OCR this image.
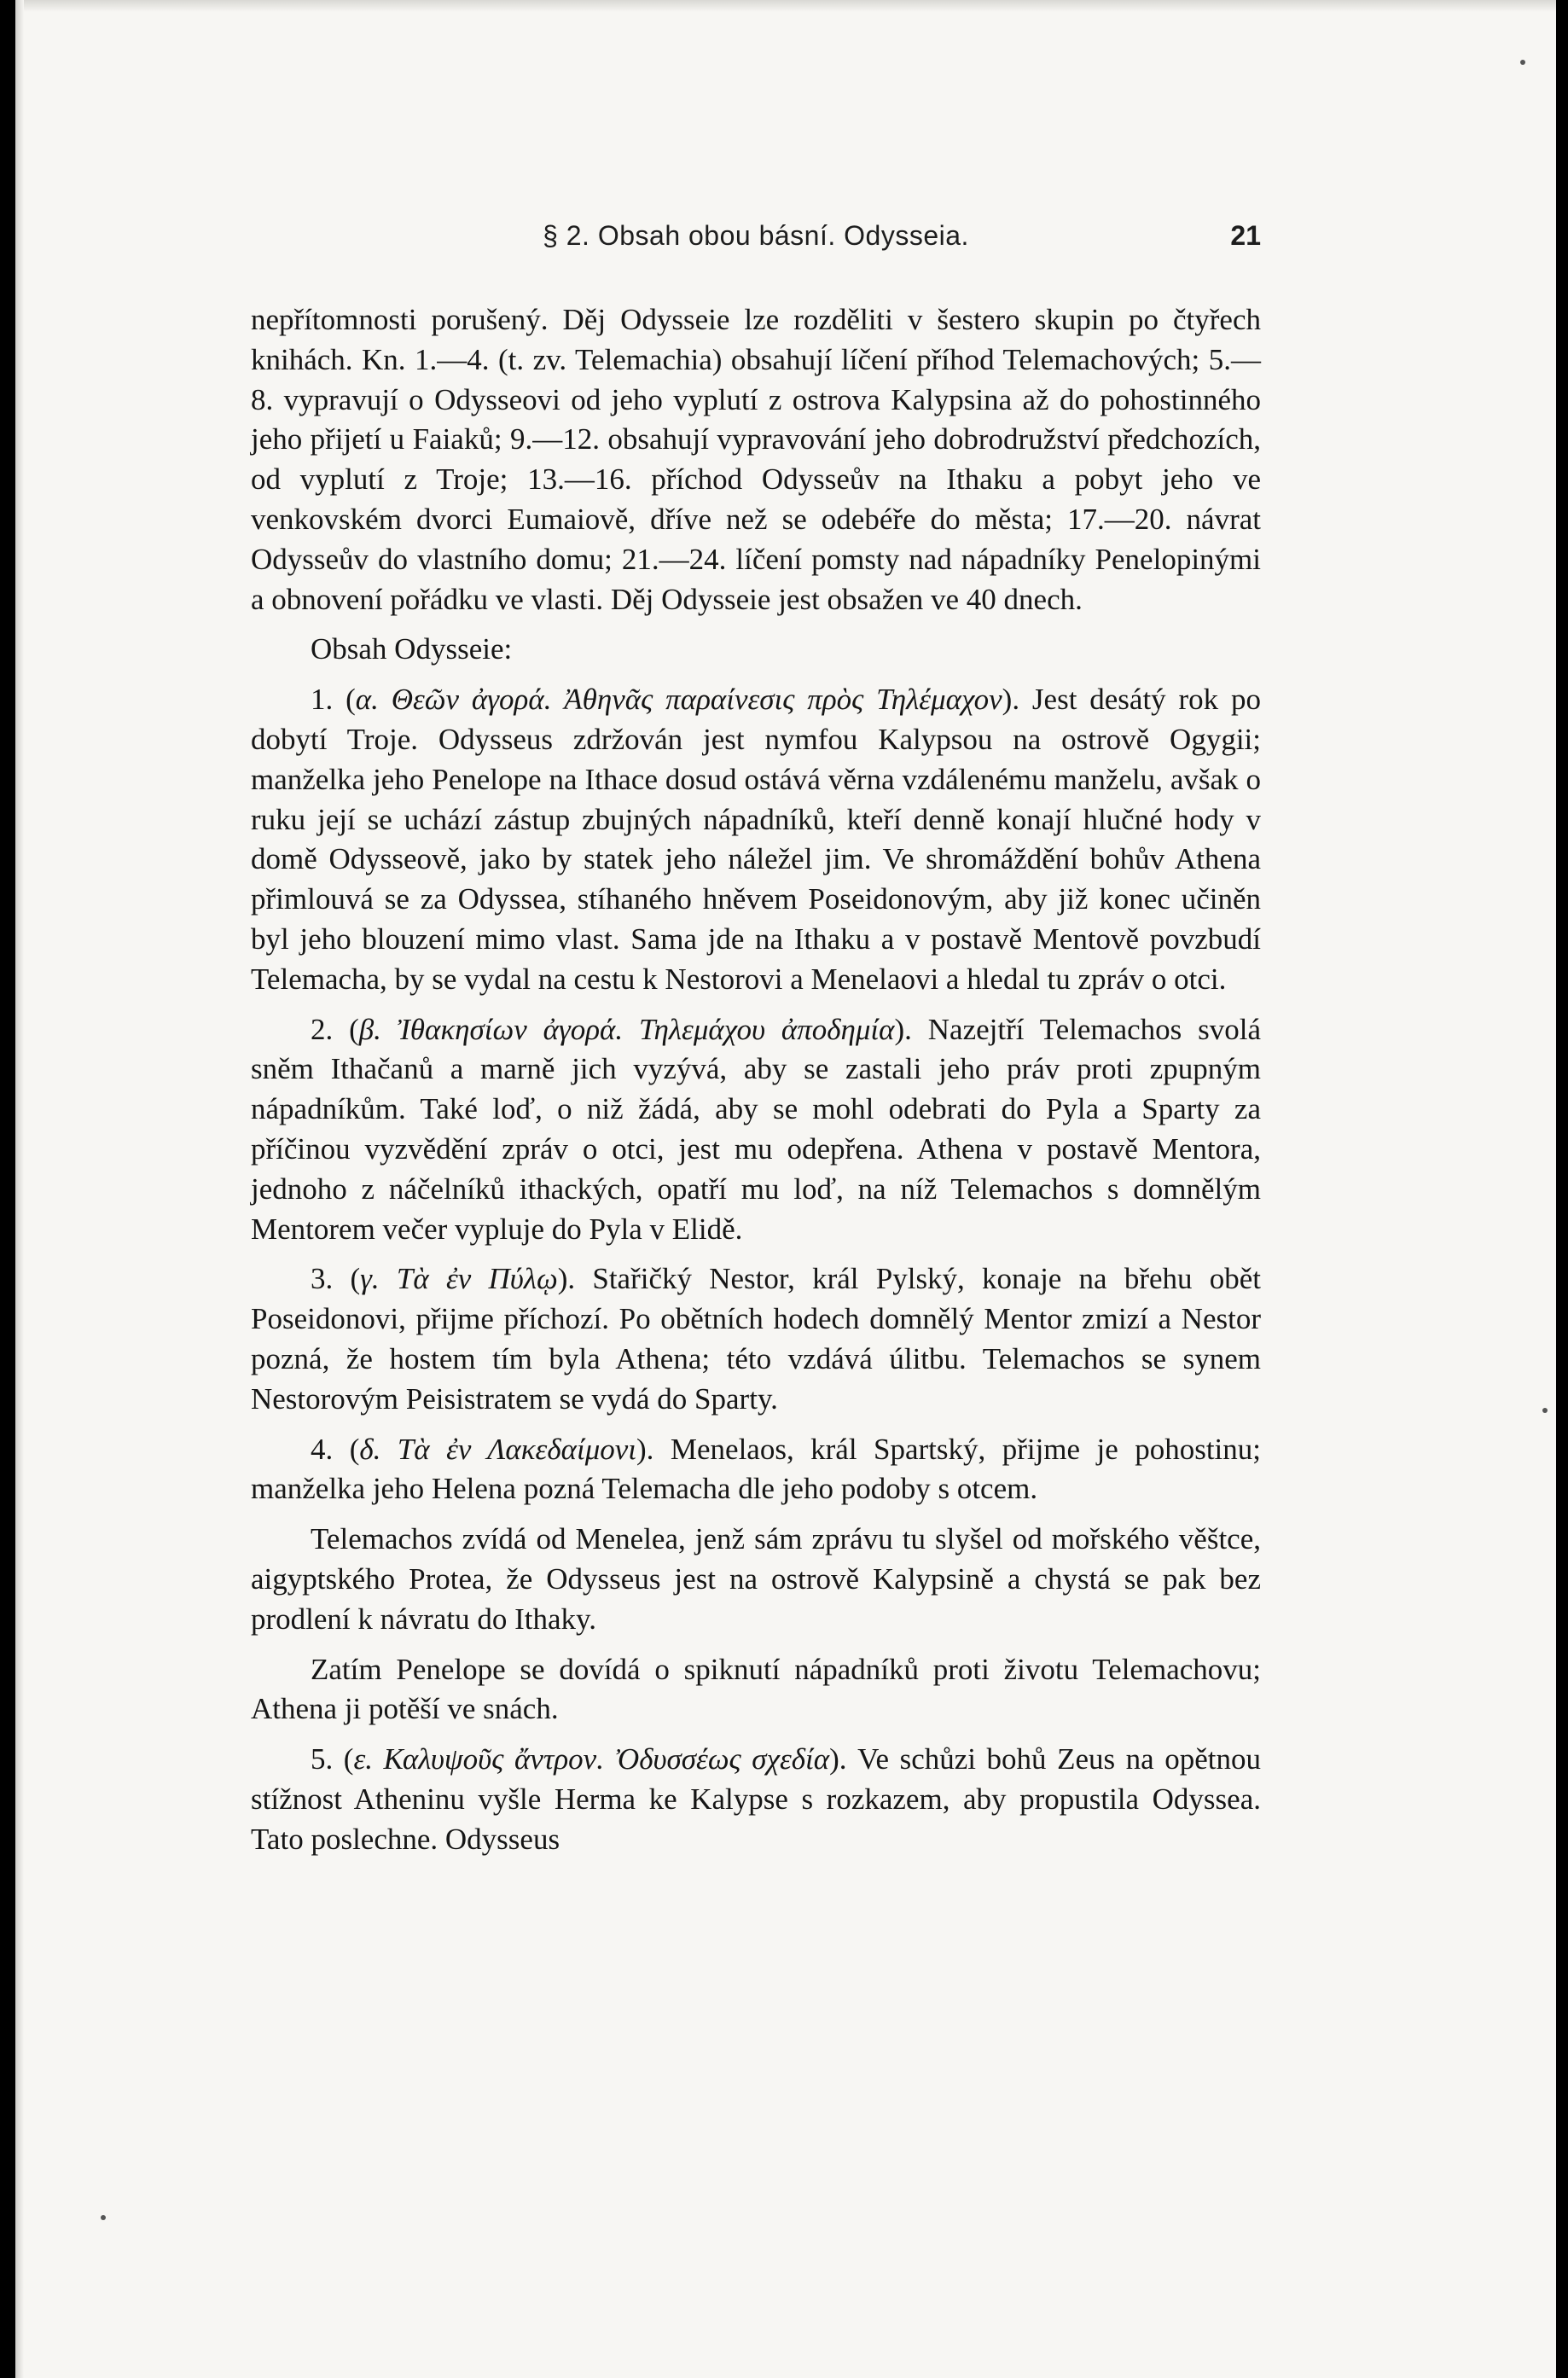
§ 2. Obsah obou básní. Odysseia.	21

nepřítomnosti porušený. Děj Odysseie lze rozděliti v šestero skupin po čtyřech knihách. Kn. 1.—4. (t. zv. Telemachia) obsahují líčení příhod Telemachových; 5.—8. vypravují o Odysseovi od jeho vyplutí z ostrova Kalypsina až do pohostinného jeho přijetí u Faiaků; 9.—12. obsahují vypravování jeho dobrodružství předchozích, od vyplutí z Troje; 13.—16. příchod Odysseův na Ithaku a pobyt jeho ve venkovském dvorci Eumaiově, dříve než se odebéře do města; 17.—20. návrat Odysseův do vlastního domu; 21.—24. líčení pomsty nad nápadníky Penelopinými a obnovení pořádku ve vlasti. Děj Odysseie jest obsažen ve 40 dnech.

Obsah Odysseie:

1. (α. Θεῶν ἀγορά. Ἀθηνᾶς παραίνεσις πρὸς Τηλέμαχον). Jest desátý rok po dobytí Troje. Odysseus zdržován jest nymfou Kalypsou na ostrově Ogygii; manželka jeho Penelope na Ithace dosud ostává věrna vzdálenému manželu, avšak o ruku její se uchází zástup zbujných nápadníků, kteří denně konají hlučné hody v domě Odysseově, jako by statek jeho náležel jim. Ve shromáždění bohův Athena přimlouvá se za Odyssea, stíhaného hněvem Poseidonovým, aby již konec učiněn byl jeho blouzení mimo vlast. Sama jde na Ithaku a v postavě Mentově povzbudí Telemacha, by se vydal na cestu k Nestorovi a Menelaovi a hledal tu zpráv o otci.

2. (β. Ἰθακησίων ἀγορά. Τηλεμάχου ἀποδημία). Nazejtří Telemachos svolá sněm Ithačanů a marně jich vyzývá, aby se zastali jeho práv proti zpupným nápadníkům. Také loď, o niž žádá, aby se mohl odebrati do Pyla a Sparty za příčinou vyzvědění zpráv o otci, jest mu odepřena. Athena v postavě Mentora, jednoho z náčelníků ithackých, opatří mu loď, na níž Telemachos s domnělým Mentorem večer vypluje do Pyla v Elidě.

3. (γ. Τὰ ἐν Πύλῳ). Stařičký Nestor, král Pylský, konaje na břehu obět Poseidonovi, přijme příchozí. Po obětních hodech domnělý Mentor zmizí a Nestor pozná, že hostem tím byla Athena; této vzdává úlitbu. Telemachos se synem Nestorovým Peisistratem se vydá do Sparty.

4. (δ. Τὰ ἐν Λακεδαίμονι). Menelaos, král Spartský, přijme je pohostinu; manželka jeho Helena pozná Telemacha dle jeho podoby s otcem.

Telemachos zvídá od Menelea, jenž sám zprávu tu slyšel od mořského věštce, aigyptského Protea, že Odysseus jest na ostrově Kalypsině a chystá se pak bez prodlení k návratu do Ithaky.

Zatím Penelope se dovídá o spiknutí nápadníků proti životu Telemachovu; Athena ji potěší ve snách.

5. (ε. Καλυψοῦς ἄντρον. Ὀδυσσέως σχεδία). Ve schůzi bohů Zeus na opětnou stížnost Atheninu vyšle Herma ke Kalypse s rozkazem, aby propustila Odyssea. Tato poslechne. Odysseus
